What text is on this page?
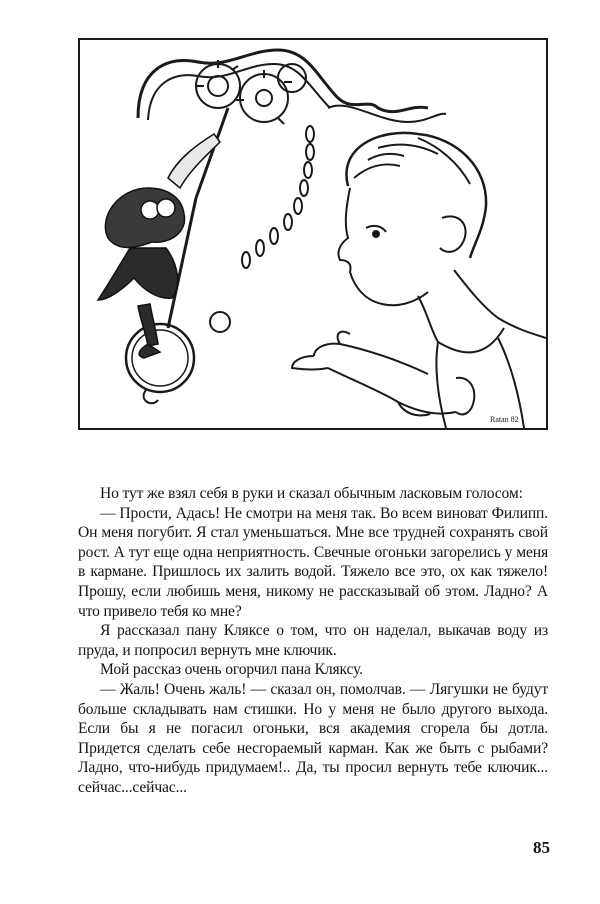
Ratan 82

Но тут же взял себя в руки и сказал обычным ласковым голосом:

— Прости, Адась! Не смотри на меня так. Во всем виноват Филипп. Он меня погубит. Я стал уменьшаться. Мне все трудней сохранять свой рост. А тут еще одна неприятность. Свечные огоньки загорелись у меня в кармане. Пришлось их залить водой. Тяжело все это, ох как тяжело! Прошу, если любишь меня, никому не рассказывай об этом. Ладно? А что привело тебя ко мне?

Я рассказал пану Кляксе о том, что он наделал, выкачав воду из пруда, и попросил вернуть мне ключик.

Мой рассказ очень огорчил пана Кляксу.

— Жаль! Очень жаль! — сказал он, помолчав. — Лягушки не будут больше складывать нам стишки. Но у меня не было другого выхода. Если бы я не погасил огоньки, вся академия сгорела бы дотла. Придется сделать себе несгораемый карман. Как же быть с рыбами? Ладно, что-нибудь придумаем!.. Да, ты просил вернуть тебе ключик... сейчас...сейчас...

85
